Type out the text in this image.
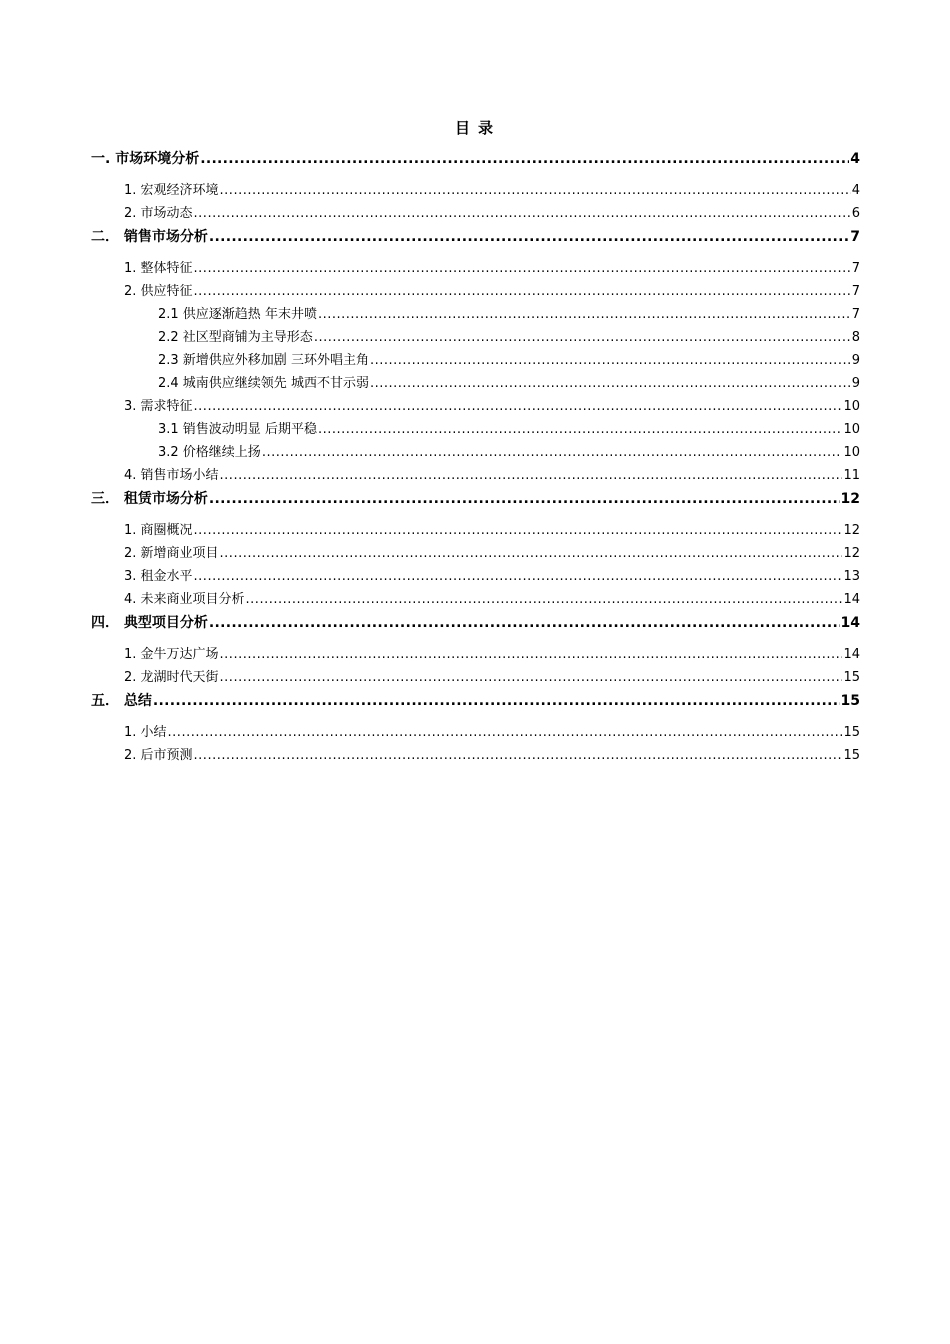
目 录
一. 市场环境分析 .....	4
1. 宏观经济环境 .....	4
2. 市场动态 .....	6
二． 销售市场分析 .....	7
1. 整体特征 .....	7
2. 供应特征 .....	7
2.1 供应逐渐趋热 年末井喷 .....	7
2.2 社区型商铺为主导形态 .....	8
2.3 新增供应外移加剧 三环外唱主角 .....	9
2.4 城南供应继续领先 城西不甘示弱 .....	9
3. 需求特征 .....	10
3.1 销售波动明显 后期平稳 .....	10
3.2 价格继续上扬 .....	10
4. 销售市场小结 .....	11
三． 租赁市场分析 .....	12
1. 商圈概况 .....	12
2. 新增商业项目 .....	12
3. 租金水平 .....	13
4. 未来商业项目分析 .....	14
四． 典型项目分析 .....	14
1. 金牛万达广场 .....	14
2. 龙湖时代天街 .....	15
五． 总结 .....	15
1. 小结 .....	15
2. 后市预测 .....	15
